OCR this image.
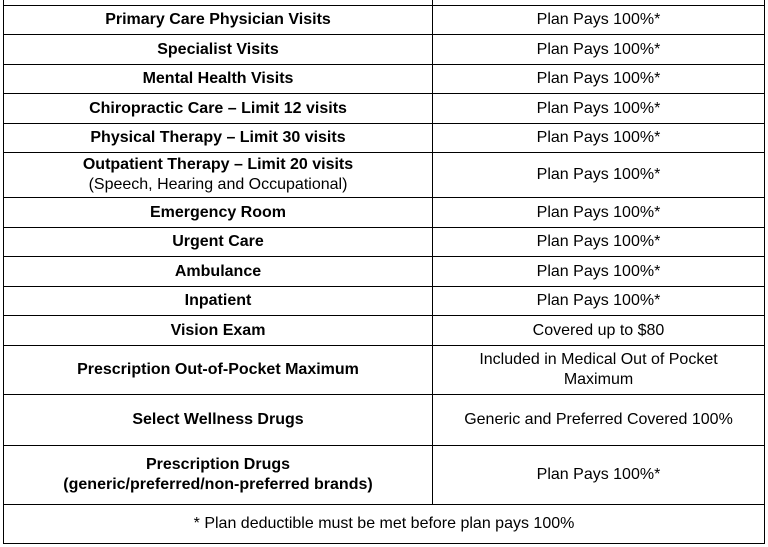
Primary Care Physician Visits	Plan Pays 100%*
Specialist Visits	Plan Pays 100%*
Mental Health Visits	Plan Pays 100%*
Chiropractic Care – Limit 12 visits	Plan Pays 100%*
Physical Therapy – Limit 30 visits	Plan Pays 100%*

Outpatient Therapy – Limit 20 visits
(Speech, Hearing and Occupational)	Plan Pays 100%*
Emergency Room	Plan Pays 100%*
Urgent Care	Plan Pays 100%*
Ambulance	Plan Pays 100%*
Inpatient	Plan Pays 100%*
Vision Exam	Covered up to $80
Prescription Out-of-Pocket Maximum	Included in Medical Out of Pocket Maximum
Select Wellness Drugs	Generic and Preferred Covered 100%

Prescription Drugs
(generic/preferred/non-preferred brands)	Plan Pays 100%*
* Plan deductible must be met before plan pays 100%	
